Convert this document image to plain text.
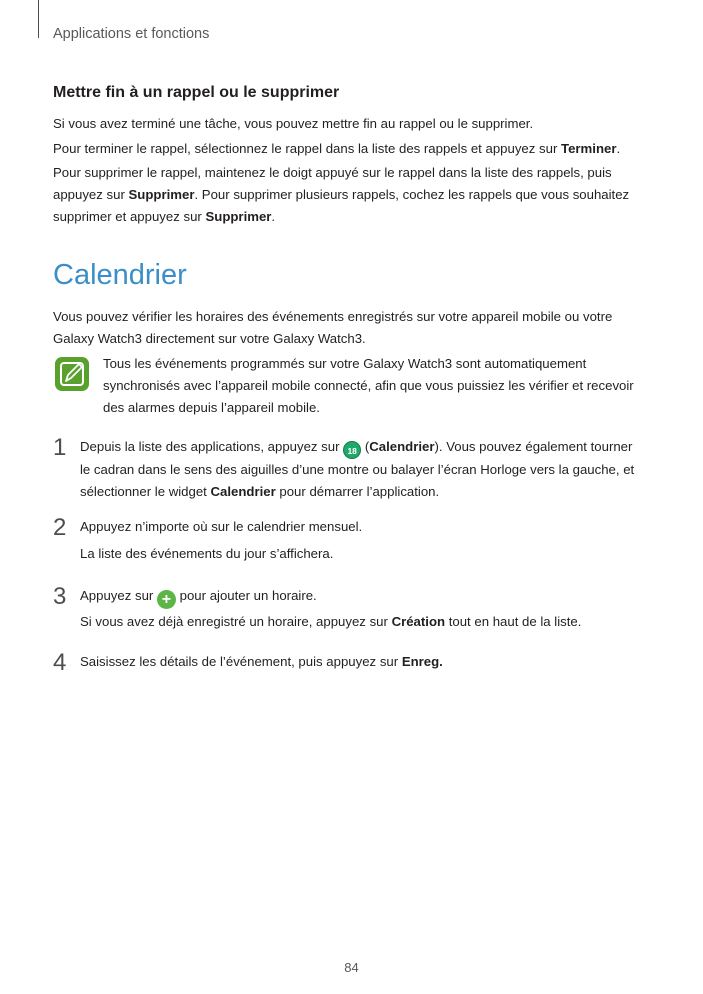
Applications et fonctions
Mettre fin à un rappel ou le supprimer
Si vous avez terminé une tâche, vous pouvez mettre fin au rappel ou le supprimer.
Pour terminer le rappel, sélectionnez le rappel dans la liste des rappels et appuyez sur Terminer.
Pour supprimer le rappel, maintenez le doigt appuyé sur le rappel dans la liste des rappels, puis appuyez sur Supprimer. Pour supprimer plusieurs rappels, cochez les rappels que vous souhaitez supprimer et appuyez sur Supprimer.
Calendrier
Vous pouvez vérifier les horaires des événements enregistrés sur votre appareil mobile ou votre Galaxy Watch3 directement sur votre Galaxy Watch3.
Tous les événements programmés sur votre Galaxy Watch3 sont automatiquement synchronisés avec l’appareil mobile connecté, afin que vous puissiez les vérifier et recevoir des alarmes depuis l’appareil mobile.
1 Depuis la liste des applications, appuyez sur 18 (Calendrier). Vous pouvez également tourner le cadran dans le sens des aiguilles d’une montre ou balayer l’écran Horloge vers la gauche, et sélectionner le widget Calendrier pour démarrer l’application.
2 Appuyez n’importe où sur le calendrier mensuel.
La liste des événements du jour s’affichera.
3 Appuyez sur + pour ajouter un horaire.
Si vous avez déjà enregistré un horaire, appuyez sur Création tout en haut de la liste.
4 Saisissez les détails de l’événement, puis appuyez sur Enreg.
84
